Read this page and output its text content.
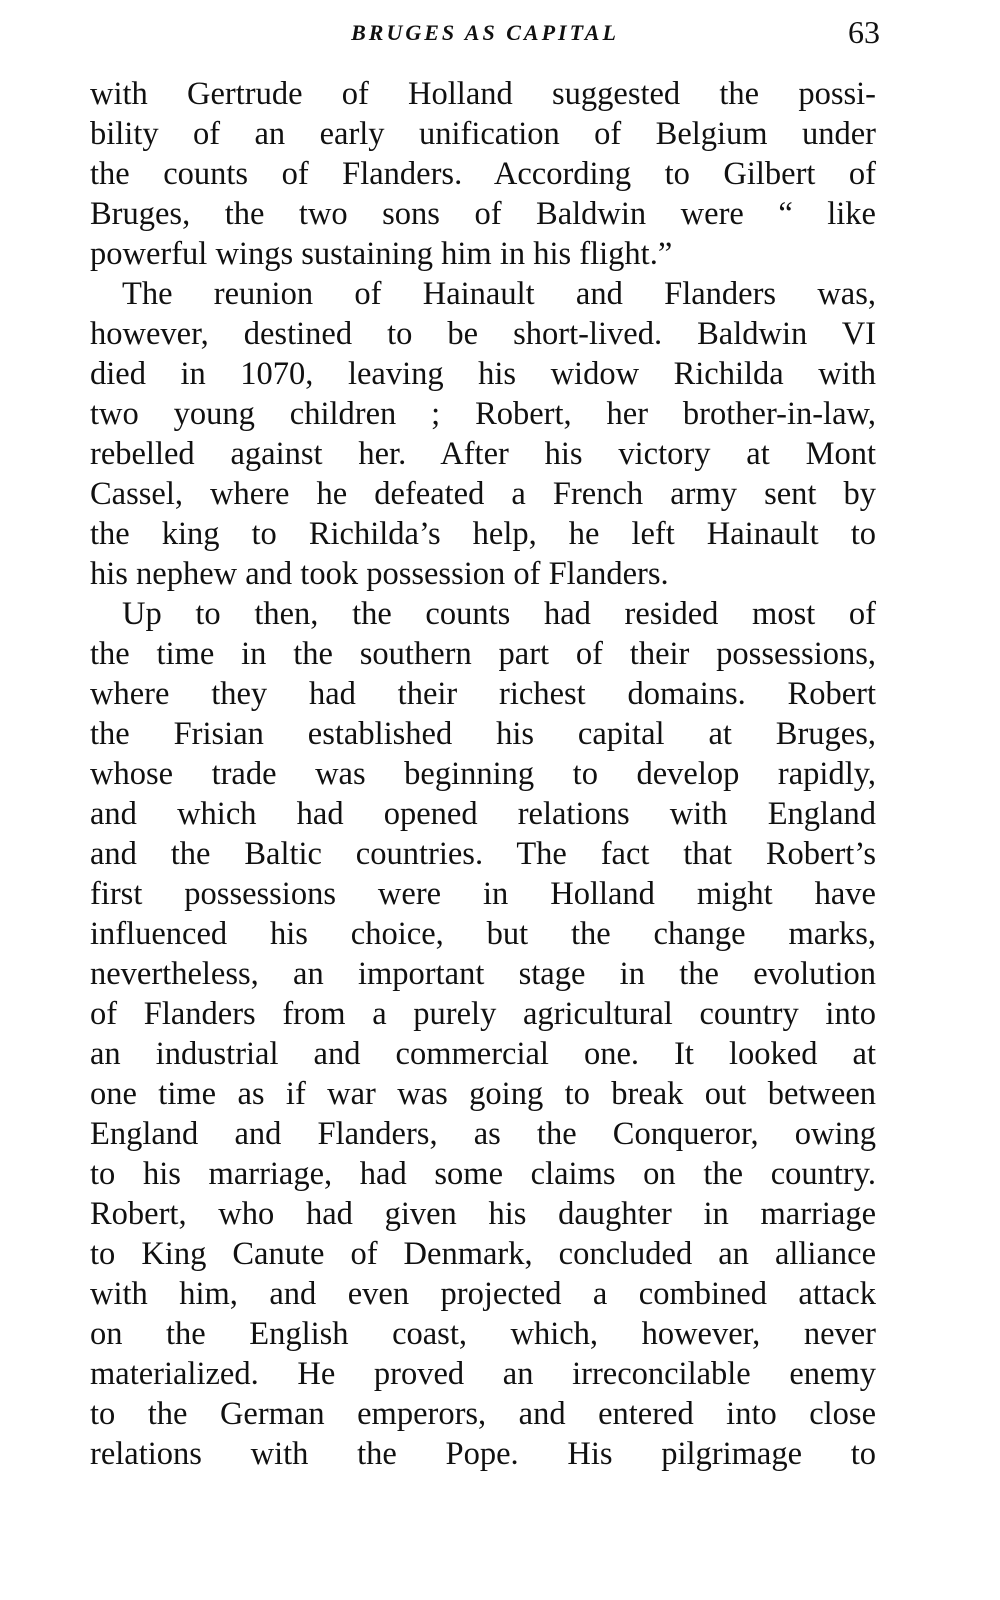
BRUGES AS CAPITAL	63
with Gertrude of Holland suggested the possi-
bility of an early unification of Belgium under
the counts of Flanders. According to Gilbert of
Bruges, the two sons of Baldwin were “ like
powerful wings sustaining him in his flight.”
The reunion of Hainault and Flanders was,
however, destined to be short-lived. Baldwin VI
died in 1070, leaving his widow Richilda with
two young children ; Robert, her brother-in-law,
rebelled against her. After his victory at Mont
Cassel, where he defeated a French army sent by
the king to Richilda’s help, he left Hainault to
his nephew and took possession of Flanders.
Up to then, the counts had resided most of
the time in the southern part of their possessions,
where they had their richest domains. Robert
the Frisian established his capital at Bruges,
whose trade was beginning to develop rapidly,
and which had opened relations with England
and the Baltic countries. The fact that Robert’s
first possessions were in Holland might have
influenced his choice, but the change marks,
nevertheless, an important stage in the evolution
of Flanders from a purely agricultural country into
an industrial and commercial one. It looked at
one time as if war was going to break out between
England and Flanders, as the Conqueror, owing
to his marriage, had some claims on the country.
Robert, who had given his daughter in marriage
to King Canute of Denmark, concluded an alliance
with him, and even projected a combined attack
on the English coast, which, however, never
materialized. He proved an irreconcilable enemy
to the German emperors, and entered into close
relations with the Pope. His pilgrimage to
